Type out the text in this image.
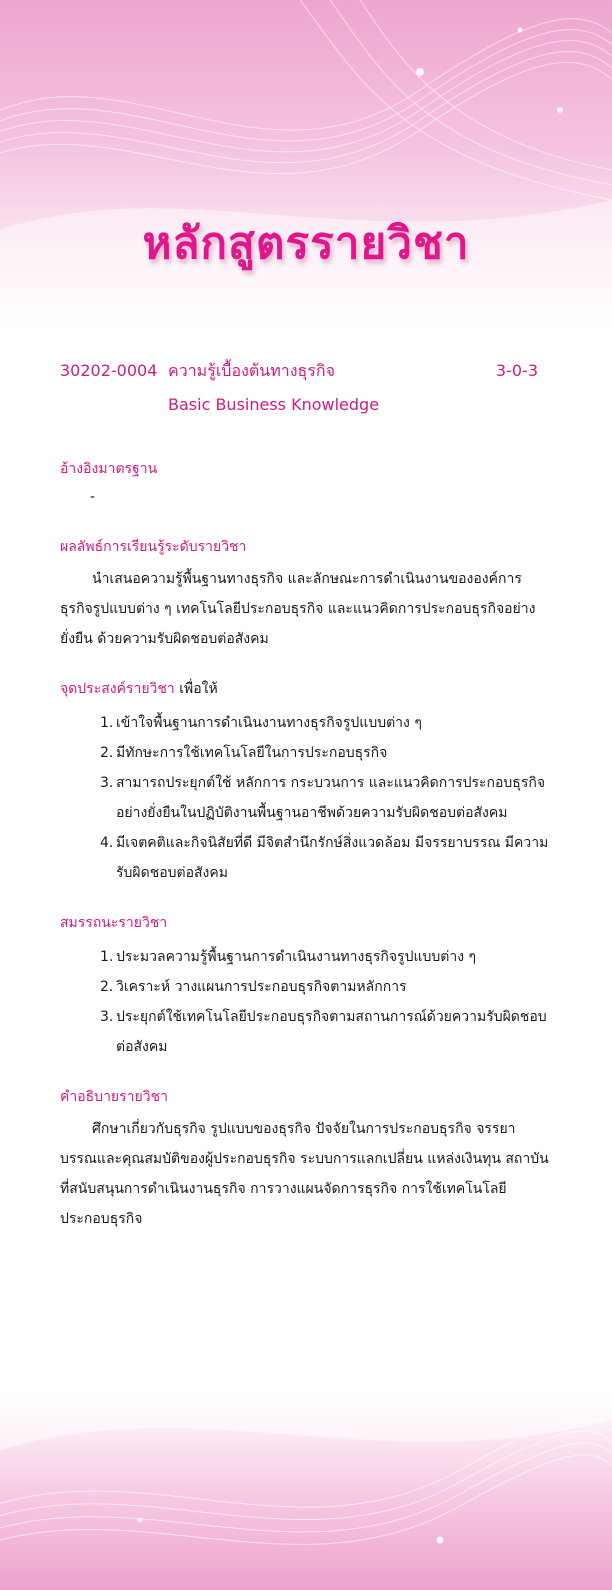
หลักสูตรรายวิชา
30202-0004 ความรู้เบื้องต้นทางธุรกิจ	3-0-3
Basic Business Knowledge
อ้างอิงมาตรฐาน
-
ผลลัพธ์การเรียนรู้ระดับรายวิชา
นำเสนอความรู้พื้นฐานทางธุรกิจ และลักษณะการดำเนินงานขององค์การธุรกิจรูปแบบต่าง ๆ เทคโนโลยีประกอบธุรกิจ และแนวคิดการประกอบธุรกิจอย่างยั่งยืน ด้วยความรับผิดชอบต่อสังคม
จุดประสงค์รายวิชา เพื่อให้
1. เข้าใจพื้นฐานการดำเนินงานทางธุรกิจรูปแบบต่าง ๆ
2. มีทักษะการใช้เทคโนโลยีในการประกอบธุรกิจ
3. สามารถประยุกต์ใช้ หลักการ กระบวนการ และแนวคิดการประกอบธุรกิจอย่างยั่งยืนในปฏิบัติงานพื้นฐานอาชีพด้วยความรับผิดชอบต่อสังคม
4. มีเจตคติและกิจนิสัยที่ดี มีจิตสำนึกรักษ์สิ่งแวดล้อม มีจรรยาบรรณ มีความรับผิดชอบต่อสังคม
สมรรถนะรายวิชา
1. ประมวลความรู้พื้นฐานการดำเนินงานทางธุรกิจรูปแบบต่าง ๆ
2. วิเคราะห์ วางแผนการประกอบธุรกิจตามหลักการ
3. ประยุกต์ใช้เทคโนโลยีประกอบธุรกิจตามสถานการณ์ด้วยความรับผิดชอบต่อสังคม
คำอธิบายรายวิชา
ศึกษาเกี่ยวกับธุรกิจ รูปแบบของธุรกิจ ปัจจัยในการประกอบธุรกิจ จรรยาบรรณและคุณสมบัติของผู้ประกอบธุรกิจ ระบบการแลกเปลี่ยน แหล่งเงินทุน สถาบันที่สนับสนุนการดำเนินงานธุรกิจ การวางแผนจัดการธุรกิจ การใช้เทคโนโลยีประกอบธุรกิจ
